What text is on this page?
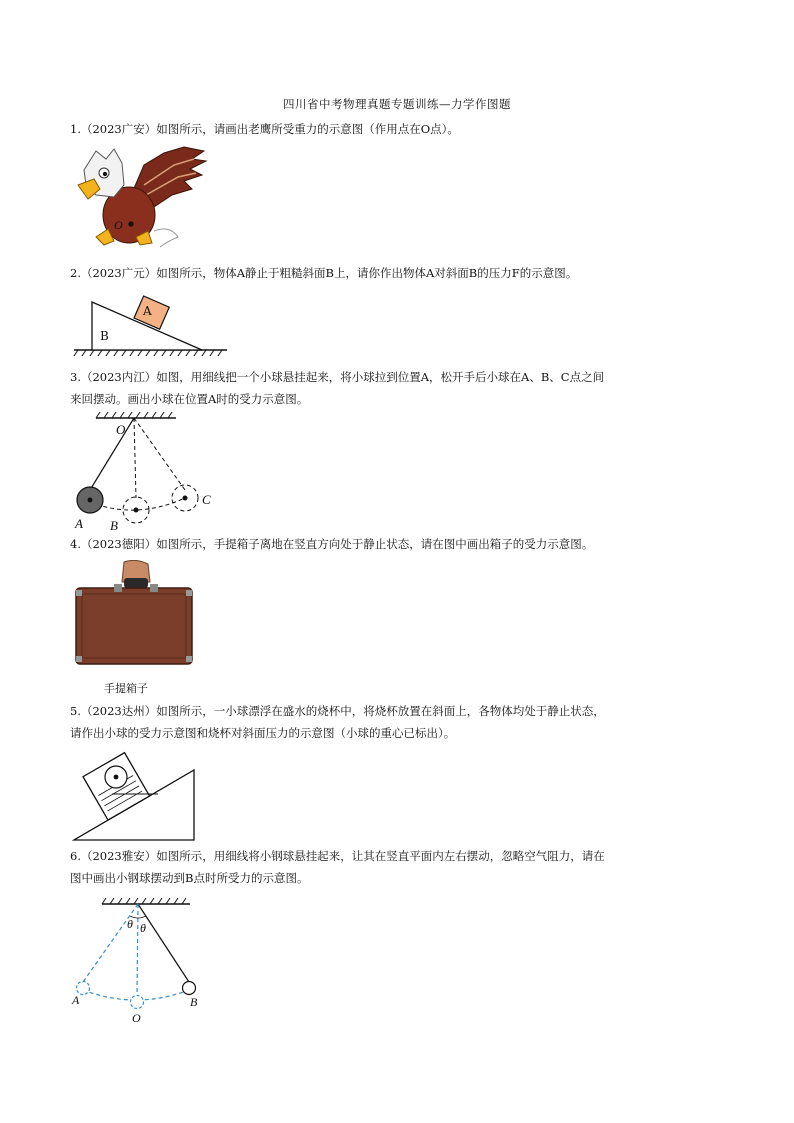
四川省中考物理真题专题训练—力学作图题
1.（2023广安）如图所示，请画出老鹰所受重力的示意图（作用点在O点）。
O
2.（2023广元）如图所示，物体A静止于粗糙斜面B上，请你作出物体A对斜面B的压力F的示意图。
A
B
3.（2023内江）如图，用细线把一个小球悬挂起来，将小球拉到位置A，松开手后小球在A、B、C点之间
来回摆动。画出小球在位置A时的受力示意图。
O
A B
C
4.（2023德阳）如图所示，手提箱子离地在竖直方向处于静止状态，请在图中画出箱子的受力示意图。
手提箱子
5.（2023达州）如图所示，一小球漂浮在盛水的烧杯中，将烧杯放置在斜面上，各物体均处于静止状态，
请作出小球的受力示意图和烧杯对斜面压力的示意图（小球的重心已标出）。
6.（2023雅安）如图所示，用细线将小钢球悬挂起来，让其在竖直平面内左右摆动，忽略空气阻力，请在
图中画出小钢球摆动到B点时所受力的示意图。
θ θ
A
O
B
